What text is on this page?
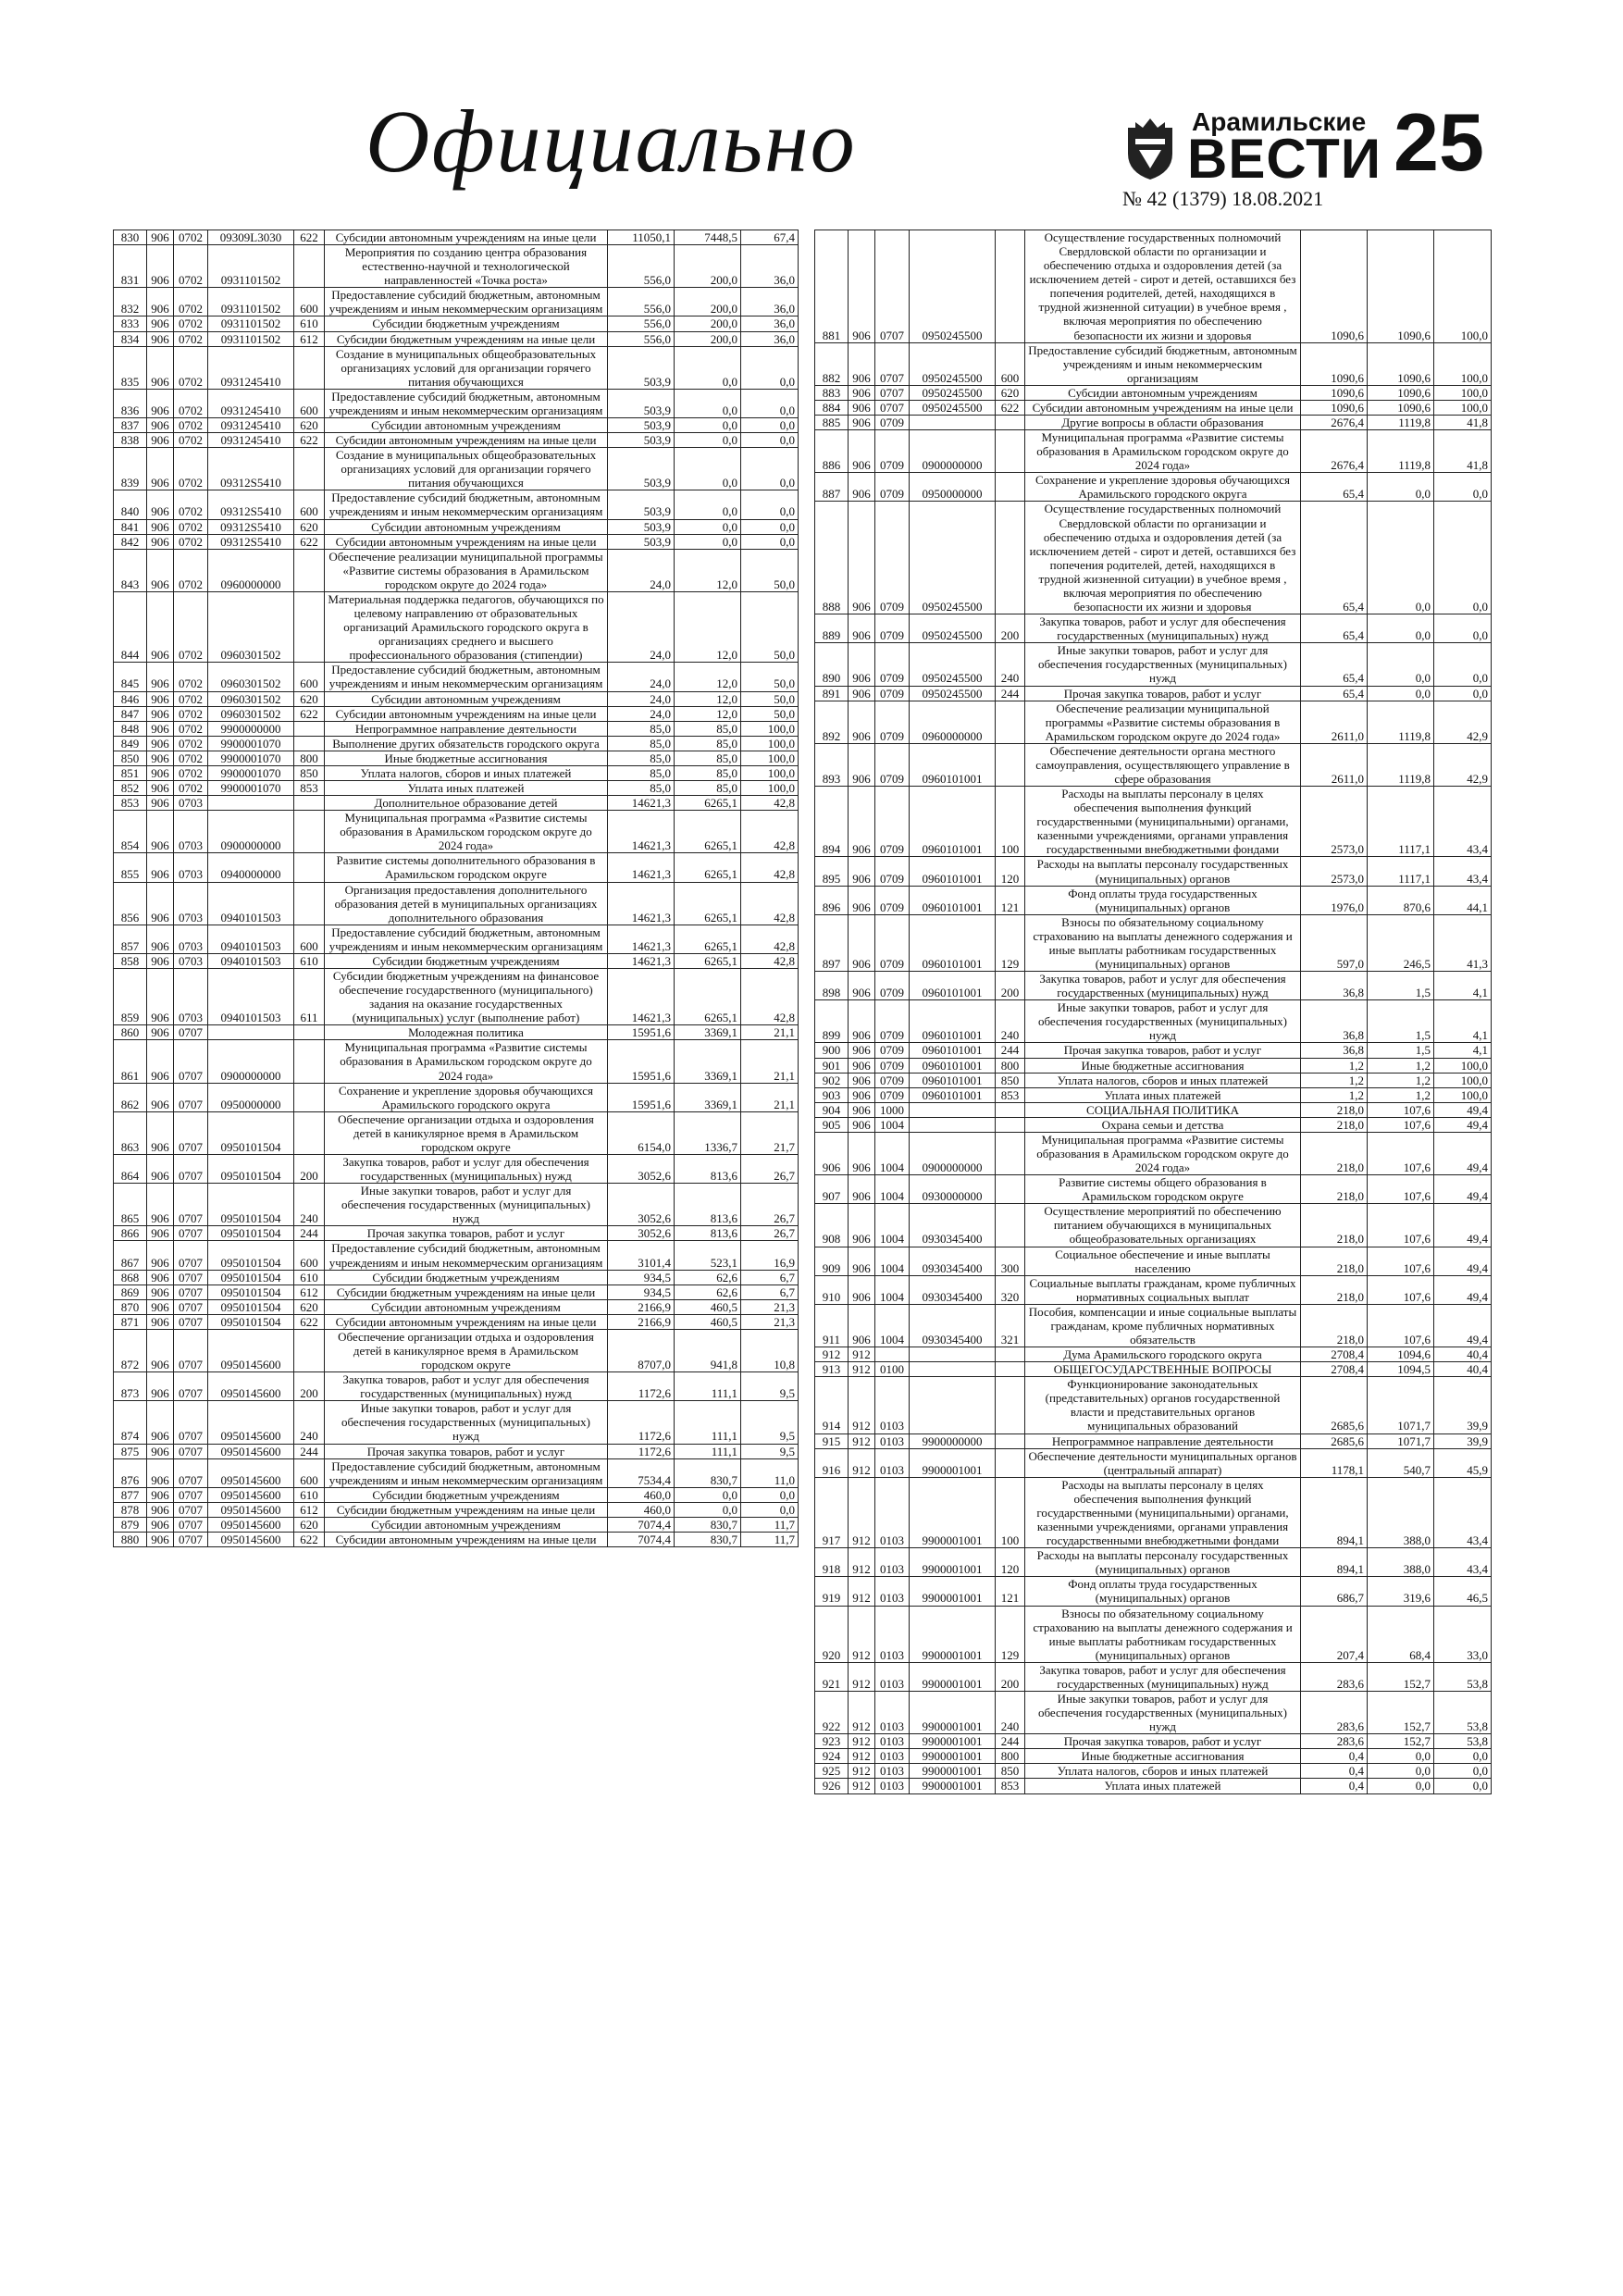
Официально	Арамильские
ВЕСТИ
№ 42 (1379) 18.08.2021
25
830	906	0702	09309L3030	622	Субсидии автономным учреждениям на иные цели	11050,1	7448,5	67,4
831	906	0702	0931101502		Мероприятия по созданию центра образования естественно-научной и технологической направленностей «Точка роста»	556,0	200,0	36,0
832	906	0702	0931101502	600	Предоставление субсидий бюджетным, автономным учреждениям и иным некоммерческим организациям	556,0	200,0	36,0
833	906	0702	0931101502	610	Субсидии бюджетным учреждениям	556,0	200,0	36,0
834	906	0702	0931101502	612	Субсидии бюджетным учреждениям на иные цели	556,0	200,0	36,0
835	906	0702	0931245410		Создание в муниципальных общеобразовательных организациях условий для организации горячего питания обучающихся	503,9	0,0	0,0
836	906	0702	0931245410	600	Предоставление субсидий бюджетным, автономным учреждениям и иным некоммерческим организациям	503,9	0,0	0,0
837	906	0702	0931245410	620	Субсидии автономным учреждениям	503,9	0,0	0,0
838	906	0702	0931245410	622	Субсидии автономным учреждениям на иные цели	503,9	0,0	0,0
839	906	0702	09312S5410		Создание в муниципальных общеобразовательных организациях условий для организации горячего питания обучающихся	503,9	0,0	0,0
840	906	0702	09312S5410	600	Предоставление субсидий бюджетным, автономным учреждениям и иным некоммерческим организациям	503,9	0,0	0,0
841	906	0702	09312S5410	620	Субсидии автономным учреждениям	503,9	0,0	0,0
842	906	0702	09312S5410	622	Субсидии автономным учреждениям на иные цели	503,9	0,0	0,0
843	906	0702	0960000000		Обеспечение реализации муниципальной программы «Развитие системы образования в Арамильском городском округе до 2024 года»	24,0	12,0	50,0
844	906	0702	0960301502		Материальная поддержка педагогов, обучающихся по целевому направлению от образовательных организаций Арамильского городского округа в организациях среднего и высшего профессионального образования (стипендии)	24,0	12,0	50,0
845	906	0702	0960301502	600	Предоставление субсидий бюджетным, автономным учреждениям и иным некоммерческим организациям	24,0	12,0	50,0
846	906	0702	0960301502	620	Субсидии автономным учреждениям	24,0	12,0	50,0
847	906	0702	0960301502	622	Субсидии автономным учреждениям на иные цели	24,0	12,0	50,0
848	906	0702	9900000000		Непрограммное направление деятельности	85,0	85,0	100,0
849	906	0702	9900001070		Выполнение других обязательств городского округа	85,0	85,0	100,0
850	906	0702	9900001070	800	Иные бюджетные ассигнования	85,0	85,0	100,0
851	906	0702	9900001070	850	Уплата налогов, сборов и иных платежей	85,0	85,0	100,0
852	906	0702	9900001070	853	Уплата иных платежей	85,0	85,0	100,0
853	906	0703			Дополнительное образование детей	14621,3	6265,1	42,8
854	906	0703	0900000000		Муниципальная программа «Развитие системы образования в Арамильском городском округе до 2024 года»	14621,3	6265,1	42,8
855	906	0703	0940000000		Развитие системы дополнительного образования в Арамильском городском округе	14621,3	6265,1	42,8
856	906	0703	0940101503		Организация предоставления дополнительного образования детей в муниципальных организациях дополнительного образования	14621,3	6265,1	42,8
857	906	0703	0940101503	600	Предоставление субсидий бюджетным, автономным учреждениям и иным некоммерческим организациям	14621,3	6265,1	42,8
858	906	0703	0940101503	610	Субсидии бюджетным учреждениям	14621,3	6265,1	42,8
859	906	0703	0940101503	611	Субсидии бюджетным учреждениям на финансовое обеспечение государственного (муниципального) задания на оказание государственных (муниципальных) услуг (выполнение работ)	14621,3	6265,1	42,8
860	906	0707			Молодежная политика	15951,6	3369,1	21,1
861	906	0707	0900000000		Муниципальная программа «Развитие системы образования в Арамильском городском округе до 2024 года»	15951,6	3369,1	21,1
862	906	0707	0950000000		Сохранение и укрепление здоровья обучающихся Арамильского городского округа	15951,6	3369,1	21,1
863	906	0707	0950101504		Обеспечение организации отдыха и оздоровления детей в каникулярное время в Арамильском городском округе	6154,0	1336,7	21,7
864	906	0707	0950101504	200	Закупка товаров, работ и услуг для обеспечения государственных (муниципальных) нужд	3052,6	813,6	26,7
865	906	0707	0950101504	240	Иные закупки товаров, работ и услуг для обеспечения государственных (муниципальных) нужд	3052,6	813,6	26,7
866	906	0707	0950101504	244	Прочая закупка товаров, работ и услуг	3052,6	813,6	26,7
867	906	0707	0950101504	600	Предоставление субсидий бюджетным, автономным учреждениям и иным некоммерческим организациям	3101,4	523,1	16,9
868	906	0707	0950101504	610	Субсидии бюджетным учреждениям	934,5	62,6	6,7
869	906	0707	0950101504	612	Субсидии бюджетным учреждениям на иные цели	934,5	62,6	6,7
870	906	0707	0950101504	620	Субсидии автономным учреждениям	2166,9	460,5	21,3
871	906	0707	0950101504	622	Субсидии автономным учреждениям на иные цели	2166,9	460,5	21,3
872	906	0707	0950145600		Обеспечение организации отдыха и оздоровления детей в каникулярное время в Арамильском городском округе	8707,0	941,8	10,8
873	906	0707	0950145600	200	Закупка товаров, работ и услуг для обеспечения государственных (муниципальных) нужд	1172,6	111,1	9,5
874	906	0707	0950145600	240	Иные закупки товаров, работ и услуг для обеспечения государственных (муниципальных) нужд	1172,6	111,1	9,5
875	906	0707	0950145600	244	Прочая закупка товаров, работ и услуг	1172,6	111,1	9,5
876	906	0707	0950145600	600	Предоставление субсидий бюджетным, автономным учреждениям и иным некоммерческим организациям	7534,4	830,7	11,0
877	906	0707	0950145600	610	Субсидии бюджетным учреждениям	460,0	0,0	0,0
878	906	0707	0950145600	612	Субсидии бюджетным учреждениям на иные цели	460,0	0,0	0,0
879	906	0707	0950145600	620	Субсидии автономным учреждениям	7074,4	830,7	11,7
880	906	0707	0950145600	622	Субсидии автономным учреждениям на иные цели	7074,4	830,7	11,7
881	906	0707	0950245500		Осуществление государственных полномочий Свердловской области по организации и обеспечению отдыха и оздоровления детей (за исключением детей - сирот и детей, оставшихся без попечения родителей, детей, находящихся в трудной жизненной ситуации) в учебное время , включая мероприятия по обеспечению безопасности их жизни и здоровья	1090,6	1090,6	100,0
882	906	0707	0950245500	600	Предоставление субсидий бюджетным, автономным учреждениям и иным некоммерческим организациям	1090,6	1090,6	100,0
883	906	0707	0950245500	620	Субсидии автономным учреждениям	1090,6	1090,6	100,0
884	906	0707	0950245500	622	Субсидии автономным учреждениям на иные цели	1090,6	1090,6	100,0
885	906	0709			Другие вопросы в области образования	2676,4	1119,8	41,8
886	906	0709	0900000000		Муниципальная программа «Развитие системы образования в Арамильском городском округе до 2024 года»	2676,4	1119,8	41,8
887	906	0709	0950000000		Сохранение и укрепление здоровья обучающихся Арамильского городского округа	65,4	0,0	0,0
888	906	0709	0950245500		Осуществление государственных полномочий Свердловской области по организации и обеспечению отдыха и оздоровления детей (за исключением детей - сирот и детей, оставшихся без попечения родителей, детей, находящихся в трудной жизненной ситуации) в учебное время , включая мероприятия по обеспечению безопасности их жизни и здоровья	65,4	0,0	0,0
889	906	0709	0950245500	200	Закупка товаров, работ и услуг для обеспечения государственных (муниципальных) нужд	65,4	0,0	0,0
890	906	0709	0950245500	240	Иные закупки товаров, работ и услуг для обеспечения государственных (муниципальных) нужд	65,4	0,0	0,0
891	906	0709	0950245500	244	Прочая закупка товаров, работ и услуг	65,4	0,0	0,0
892	906	0709	0960000000		Обеспечение реализации муниципальной программы «Развитие системы образования в Арамильском городском округе до 2024 года»	2611,0	1119,8	42,9
893	906	0709	0960101001		Обеспечение деятельности органа местного самоуправления, осуществляющего управление в сфере образования	2611,0	1119,8	42,9
894	906	0709	0960101001	100	Расходы на выплаты персоналу в целях обеспечения выполнения функций государственными (муниципальными) органами, казенными учреждениями, органами управления государственными внебюджетными фондами	2573,0	1117,1	43,4
895	906	0709	0960101001	120	Расходы на выплаты персоналу государственных (муниципальных) органов	2573,0	1117,1	43,4
896	906	0709	0960101001	121	Фонд оплаты труда государственных (муниципальных) органов	1976,0	870,6	44,1
897	906	0709	0960101001	129	Взносы по обязательному социальному страхованию на выплаты денежного содержания и иные выплаты работникам государственных (муниципальных) органов	597,0	246,5	41,3
898	906	0709	0960101001	200	Закупка товаров, работ и услуг для обеспечения государственных (муниципальных) нужд	36,8	1,5	4,1
899	906	0709	0960101001	240	Иные закупки товаров, работ и услуг для обеспечения государственных (муниципальных) нужд	36,8	1,5	4,1
900	906	0709	0960101001	244	Прочая закупка товаров, работ и услуг	36,8	1,5	4,1
901	906	0709	0960101001	800	Иные бюджетные ассигнования	1,2	1,2	100,0
902	906	0709	0960101001	850	Уплата налогов, сборов и иных платежей	1,2	1,2	100,0
903	906	0709	0960101001	853	Уплата иных платежей	1,2	1,2	100,0
904	906	1000			СОЦИАЛЬНАЯ ПОЛИТИКА	218,0	107,6	49,4
905	906	1004			Охрана семьи и детства	218,0	107,6	49,4
906	906	1004	0900000000		Муниципальная программа «Развитие системы образования в Арамильском городском округе до 2024 года»	218,0	107,6	49,4
907	906	1004	0930000000		Развитие системы общего образования в Арамильском городском округе	218,0	107,6	49,4
908	906	1004	0930345400		Осуществление мероприятий по обеспечению питанием обучающихся в муниципальных общеобразовательных организациях	218,0	107,6	49,4
909	906	1004	0930345400	300	Социальное обеспечение и иные выплаты населению	218,0	107,6	49,4
910	906	1004	0930345400	320	Социальные выплаты гражданам, кроме публичных нормативных социальных выплат	218,0	107,6	49,4
911	906	1004	0930345400	321	Пособия, компенсации и иные социальные выплаты гражданам, кроме публичных нормативных обязательств	218,0	107,6	49,4
912	912				Дума Арамильского городского округа	2708,4	1094,6	40,4
913	912	0100			ОБЩЕГОСУДАРСТВЕННЫЕ ВОПРОСЫ	2708,4	1094,5	40,4
914	912	0103			Функционирование законодательных (представительных) органов государственной власти и представительных органов муниципальных образований	2685,6	1071,7	39,9
915	912	0103	9900000000		Непрограммное направление деятельности	2685,6	1071,7	39,9
916	912	0103	9900001001		Обеспечение деятельности муниципальных органов (центральный аппарат)	1178,1	540,7	45,9
917	912	0103	9900001001	100	Расходы на выплаты персоналу в целях обеспечения выполнения функций государственными (муниципальными) органами, казенными учреждениями, органами управления государственными внебюджетными фондами	894,1	388,0	43,4
918	912	0103	9900001001	120	Расходы на выплаты персоналу государственных (муниципальных) органов	894,1	388,0	43,4
919	912	0103	9900001001	121	Фонд оплаты труда государственных (муниципальных) органов	686,7	319,6	46,5
920	912	0103	9900001001	129	Взносы по обязательному социальному страхованию на выплаты денежного содержания и иные выплаты работникам государственных (муниципальных) органов	207,4	68,4	33,0
921	912	0103	9900001001	200	Закупка товаров, работ и услуг для обеспечения государственных (муниципальных) нужд	283,6	152,7	53,8
922	912	0103	9900001001	240	Иные закупки товаров, работ и услуг для обеспечения государственных (муниципальных) нужд	283,6	152,7	53,8
923	912	0103	9900001001	244	Прочая закупка товаров, работ и услуг	283,6	152,7	53,8
924	912	0103	9900001001	800	Иные бюджетные ассигнования	0,4	0,0	0,0
925	912	0103	9900001001	850	Уплата налогов, сборов и иных платежей	0,4	0,0	0,0
926	912	0103	9900001001	853	Уплата иных платежей	0,4	0,0	0,0
